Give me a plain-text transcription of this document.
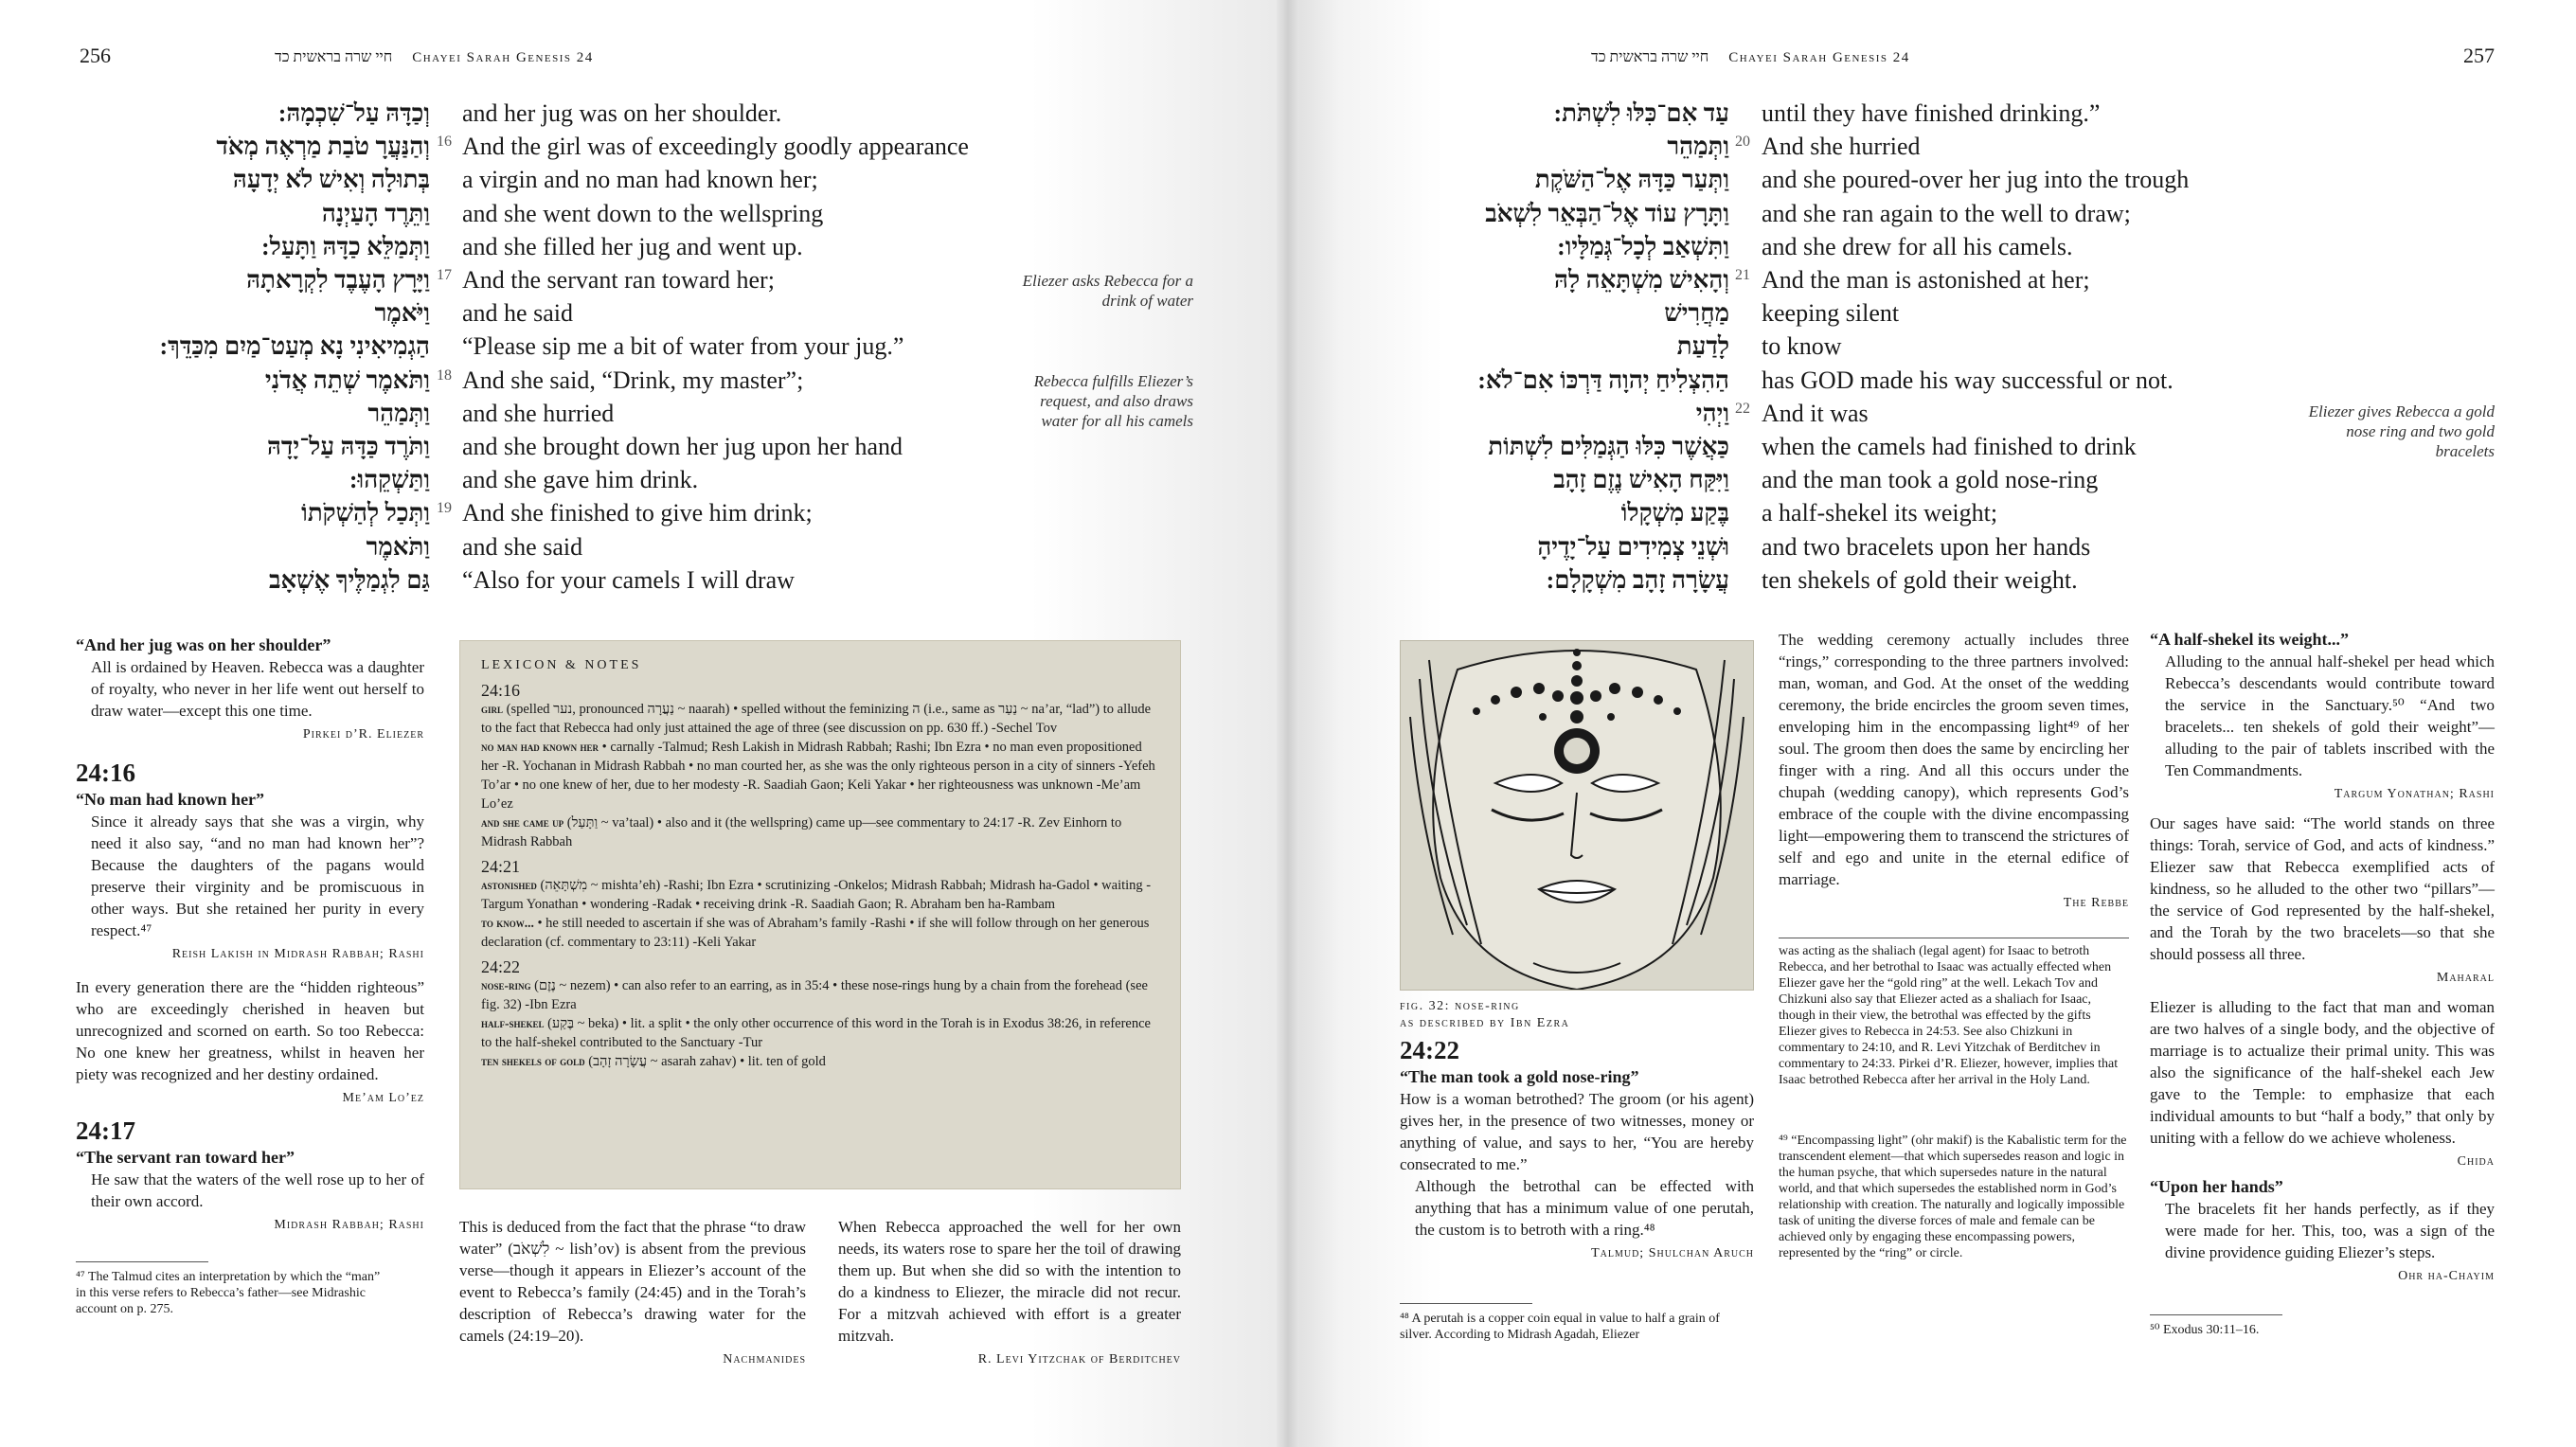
256	חיי שרה בראשית כד Chayei Sarah Genesis 24
וְכַדָּהּ עַל־שִׁכְמָהּ: and her jug was on her shoulder.
וְהַנַּעֲרָ טֹבַת מַרְאֶה מְאֹד 16 And the girl was of exceedingly goodly appearance
בְּתוּלָה וְאִישׁ לֹא יְדָעָהּ a virgin and no man had known her;
וַתֵּרֶד הָעַיְנָה and she went down to the wellspring
וַתְּמַלֵּא כַדָּהּ וַתָּעַל: and she filled her jug and went up.
וַיָּרָץ הָעֶבֶד לִקְרָאתָהּ 17 And the servant ran toward her;
וַיֹּאמֶר and he said
הַגְמִיאִינִי נָא מְעַט־מַיִם מִכַּדֵּךְ: “Please sip me a bit of water from your jug.”
וַתֹּאמֶר שְׁתֵה אֲדֹנִי 18 And she said, “Drink, my master”;
וַתְּמַהֵר and she hurried
וַתֹּרֶד כַּדָּהּ עַל־יָדָהּ and she brought down her jug upon her hand
וַתַּשְׁקֵהוּ: and she gave him drink.
וַתְּכַל לְהַשְׁקֹתוֹ 19 And she finished to give him drink;
וַתֹּאמֶר and she said
גַּם לִגְמַלֶּיךָ אֶשְׁאָב “Also for your camels I will draw
Eliezer asks Rebecca for a drink of water
Rebecca fulfills Eliezer’s request, and also draws water for all his camels
“And her jug was on her shoulder”

All is ordained by Heaven. Rebecca was a daughter of royalty, who never in her life went out herself to draw water—except this one time.

Pirkei d’R. Eliezer
24:16
“No man had known her”

Since it already says that she was a virgin, why need it also say, “and no man had known her”? Because the daughters of the pagans would preserve their virginity and be promiscuous in other ways. But she retained her purity in every respect.⁴⁷

Reish Lakish in Midrash Rabbah; Rashi

In every generation there are the “hidden righteous” who are exceedingly cherished in heaven but unrecognized and scorned on earth. So too Rebecca: No one knew her greatness, whilst in heaven her piety was recognized and her destiny ordained.

Me’am Lo’ez
24:17
“The servant ran toward her”

He saw that the waters of the well rose up to her of their own accord.

Midrash Rabbah; Rashi
⁴⁷ The Talmud cites an interpretation by which the “man” in this verse refers to Rebecca’s father—see Midrashic account on p. 275.
LEXICON & NOTES
24:16

girl (spelled נער, pronounced נַעֲרָה ~ naarah) • spelled without the feminizing ה (i.e., same as נַעַר ~ na’ar, “lad”) to allude to the fact that Rebecca had only just attained the age of three (see discussion on pp. 630 ff.) -Sechel Tov

no man had known her • carnally -Talmud; Resh Lakish in Midrash Rabbah; Rashi; Ibn Ezra • no man even propositioned her -R. Yochanan in Midrash Rabbah • no man courted her, as she was the only righteous person in a city of sinners -Yefeh To’ar • no one knew of her, due to her modesty -R. Saadiah Gaon; Keli Yakar • her righteousness was unknown -Me’am Lo’ez

and she came up (וַתָּעַל ~ va’taal) • also and it (the wellspring) came up—see commentary to 24:17 -R. Zev Einhorn to Midrash Rabbah

24:21

astonished (מִשְׁתָּאֵה ~ mishta’eh) -Rashi; Ibn Ezra • scrutinizing -Onkelos; Midrash Rabbah; Midrash ha-Gadol • waiting -Targum Yonathan • wondering -Radak • receiving drink -R. Saadiah Gaon; R. Abraham ben ha-Rambam

to know... • he still needed to ascertain if she was of Abraham’s family -Rashi • if she will follow through on her generous declaration (cf. commentary to 23:11) -Keli Yakar

24:22

nose-ring (נֶזֶם ~ nezem) • can also refer to an earring, as in 35:4 • these nose-rings hung by a chain from the forehead (see fig. 32) -Ibn Ezra

half-shekel (בֶּקַע ~ beka) • lit. a split • the only other occurrence of this word in the Torah is in Exodus 38:26, in reference to the half-shekel contributed to the Sanctuary -Tur

ten shekels of gold (עֲשָׂרָה זָהָב ~ asarah zahav) • lit. ten of gold

This is deduced from the fact that the phrase “to draw water” (לִשְׁאֹב ~ lish’ov) is absent from the previous verse—though it appears in Eliezer’s account of the event to Rebecca’s family (24:45) and in the Torah’s description of Rebecca’s drawing water for the camels (24:19–20).

Nachmanides

When Rebecca approached the well for her own needs, its waters rose to spare her the toil of drawing them up. But when she did so with the intention to do a kindness to Eliezer, the miracle did not recur. For a mitzvah achieved with effort is a greater mitzvah.

R. Levi Yitzchak of Berditchev
חיי שרה בראשית כד Chayei Sarah Genesis 24	257
עַד אִם־כִּלּוּ לִשְׁתֹּת: until they have finished drinking.”
וַתְּמַהֵר 20 And she hurried
וַתְּעַר כַּדָּהּ אֶל־הַשֹּׁקֶת and she poured-over her jug into the trough
וַתָּרָץ עוֹד אֶל־הַבְּאֵר לִשְׁאֹב and she ran again to the well to draw;
וַתִּשְׁאַב לְכָל־גְּמַלָּיו: and she drew for all his camels.
וְהָאִישׁ מִשְׁתָּאֵה לָהּ 21 And the man is astonished at her;
מַחֲרִישׁ keeping silent
לָדַעַת to know
הַהִצְלִיחַ יְהוָה דַּרְכּוֹ אִם־לֹא: has GOD made his way successful or not.
וַיְהִי 22 And it was
כַּאֲשֶׁר כִּלּוּ הַגְּמַלִּים לִשְׁתּוֹת when the camels had finished to drink
וַיִּקַּח הָאִישׁ נֶזֶם זָהָב and the man took a gold nose-ring
בֶּקַע מִשְׁקָלוֹ a half-shekel its weight;
וּשְׁנֵי צְמִידִים עַל־יָדֶיהָ and two bracelets upon her hands
עֲשָׂרָה זָהָב מִשְׁקָלָם: ten shekels of gold their weight.
Eliezer gives Rebecca a gold nose ring and two gold bracelets
fig. 32: nose-ring
as described by Ibn Ezra
24:22
“The man took a gold nose-ring”

How is a woman betrothed? The groom (or his agent) gives her, in the presence of two witnesses, money or anything of value, and says to her, “You are hereby consecrated to me.”

Although the betrothal can be effected with anything that has a minimum value of one perutah, the custom is to betroth with a ring.⁴⁸

Talmud; Shulchan Aruch
⁴⁸ A perutah is a copper coin equal in value to half a grain of silver. According to Midrash Agadah, Eliezer

The wedding ceremony actually includes three “rings,” corresponding to the three partners involved: man, woman, and God. At the onset of the wedding ceremony, the bride encircles the groom seven times, enveloping him in the encompassing light⁴⁹ of her soul. The groom then does the same by encircling her finger with a ring. And all this occurs under the chupah (wedding canopy), which represents God’s embrace of the couple with the divine encompassing light—empowering them to transcend the strictures of self and ego and unite in the eternal edifice of marriage.

The Rebbe
was acting as the shaliach (legal agent) for Isaac to betroth Rebecca, and her betrothal to Isaac was actually effected when Eliezer gave her the “gold ring” at the well. Lekach Tov and Chizkuni also say that Eliezer acted as a shaliach for Isaac, though in their view, the betrothal was effected by the gifts Eliezer gives to Rebecca in 24:53. See also Chizkuni in commentary to 24:10, and R. Levi Yitzchak of Berditchev in commentary to 24:33. Pirkei d’R. Eliezer, however, implies that Isaac betrothed Rebecca after her arrival in the Holy Land.
⁴⁹ “Encompassing light” (ohr makif) is the Kabalistic term for the transcendent element—that which supersedes reason and logic in the human psyche, that which supersedes nature in the natural world, and that which supersedes the established norm in God’s relationship with creation. The naturally and logically impossible task of uniting the diverse forces of male and female can be achieved only by engaging these encompassing powers, represented by the “ring” or circle.
“A half-shekel its weight...”

Alluding to the annual half-shekel per head which Rebecca’s descendants would contribute toward the service in the Sanctuary.⁵⁰ “And two bracelets... ten shekels of gold their weight”—alluding to the pair of tablets inscribed with the Ten Commandments.

Targum Yonathan; Rashi

Our sages have said: “The world stands on three things: Torah, service of God, and acts of kindness.” Eliezer saw that Rebecca exemplified acts of kindness, so he alluded to the other two “pillars”—the service of God represented by the half-shekel, and the Torah by the two bracelets—so that she should possess all three.

Maharal

Eliezer is alluding to the fact that man and woman are two halves of a single body, and the objective of marriage is to actualize their primal unity. This was also the significance of the half-shekel each Jew gave to the Temple: to emphasize that each individual amounts to but “half a body,” that only by uniting with a fellow do we achieve wholeness.

Chida
“Upon her hands”

The bracelets fit her hands perfectly, as if they were made for her. This, too, was a sign of the divine providence guiding Eliezer’s steps.

Ohr ha-Chayim
⁵⁰ Exodus 30:11–16.
